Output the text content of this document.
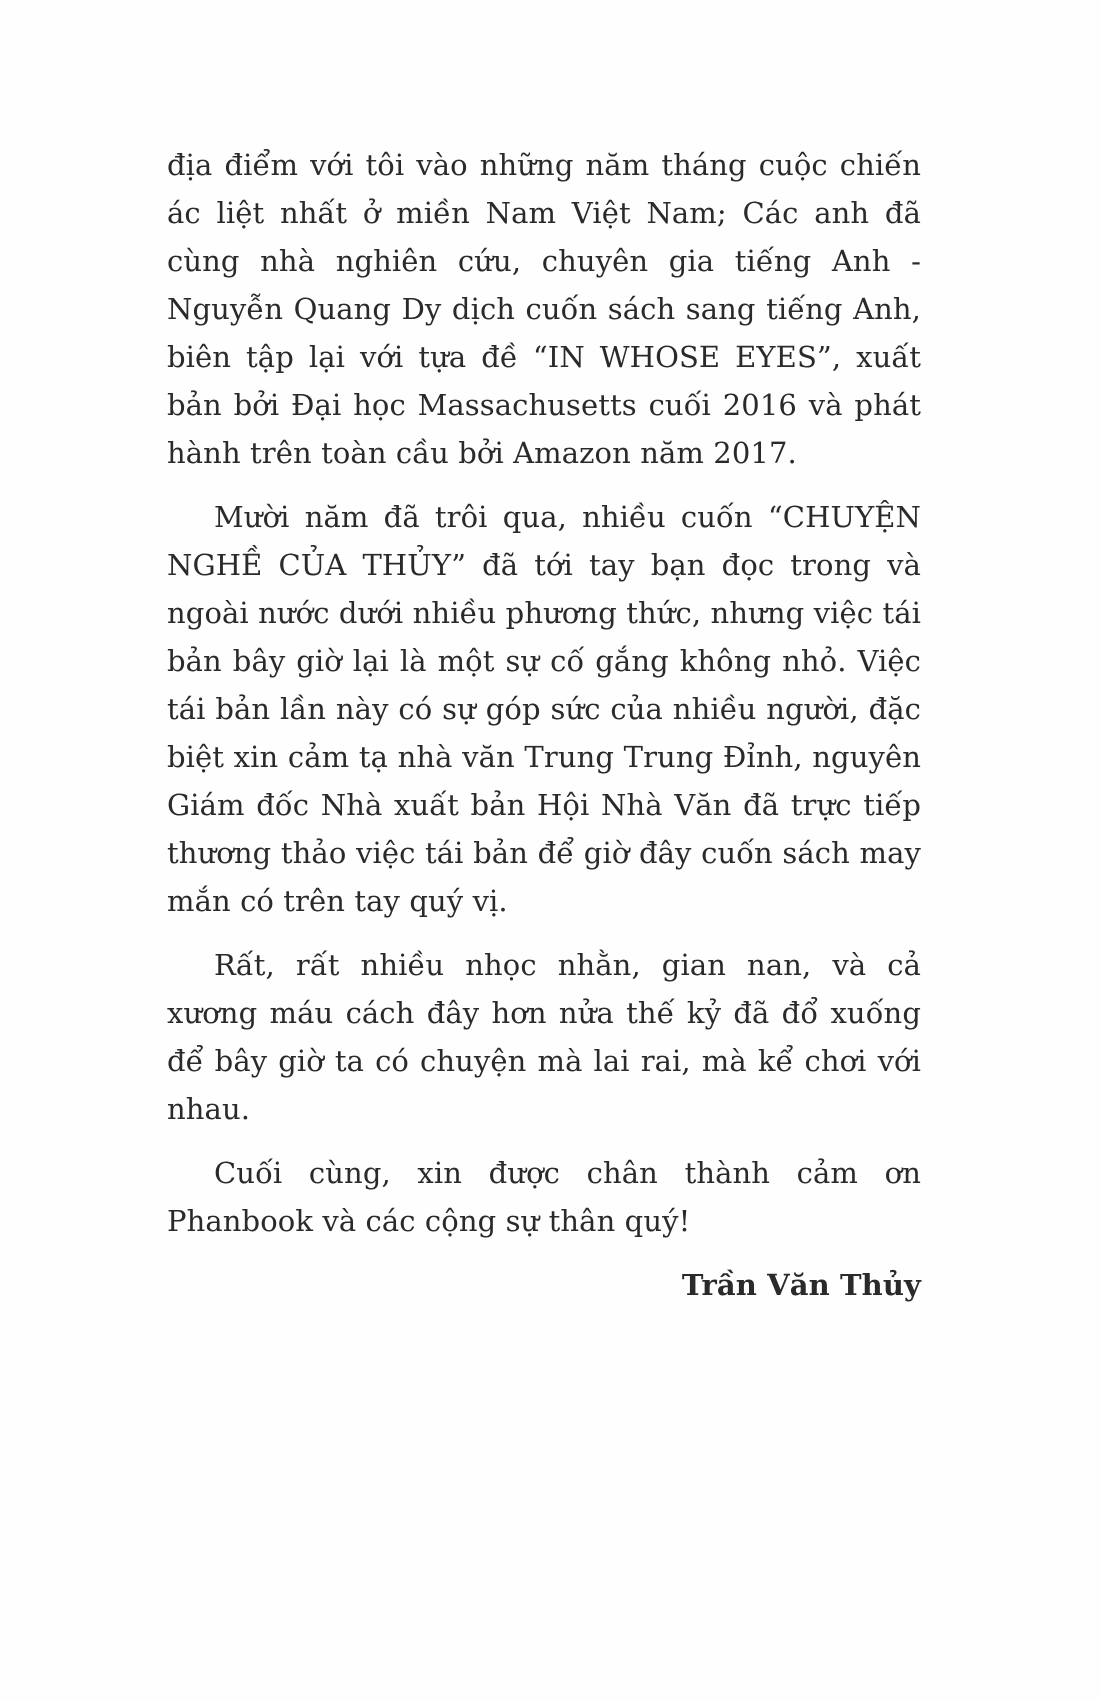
địa điểm với tôi vào những năm tháng cuộc chiến ác liệt nhất ở miền Nam Việt Nam; Các anh đã cùng nhà nghiên cứu, chuyên gia tiếng Anh - Nguyễn Quang Dy dịch cuốn sách sang tiếng Anh, biên tập lại với tựa đề “IN WHOSE EYES”, xuất bản bởi Đại học Massachusetts cuối 2016 và phát hành trên toàn cầu bởi Amazon năm 2017.

Mười năm đã trôi qua, nhiều cuốn “CHUYỆN NGHỀ CỦA THỦY” đã tới tay bạn đọc trong và ngoài nước dưới nhiều phương thức, nhưng việc tái bản bây giờ lại là một sự cố gắng không nhỏ. Việc tái bản lần này có sự góp sức của nhiều người, đặc biệt xin cảm tạ nhà văn Trung Trung Đỉnh, nguyên Giám đốc Nhà xuất bản Hội Nhà Văn đã trực tiếp thương thảo việc tái bản để giờ đây cuốn sách may mắn có trên tay quý vị.

Rất, rất nhiều nhọc nhằn, gian nan, và cả xương máu cách đây hơn nửa thế kỷ đã đổ xuống để bây giờ ta có chuyện mà lai rai, mà kể chơi với nhau.

Cuối cùng, xin được chân thành cảm ơn Phanbook và các cộng sự thân quý!

Trần Văn Thủy
